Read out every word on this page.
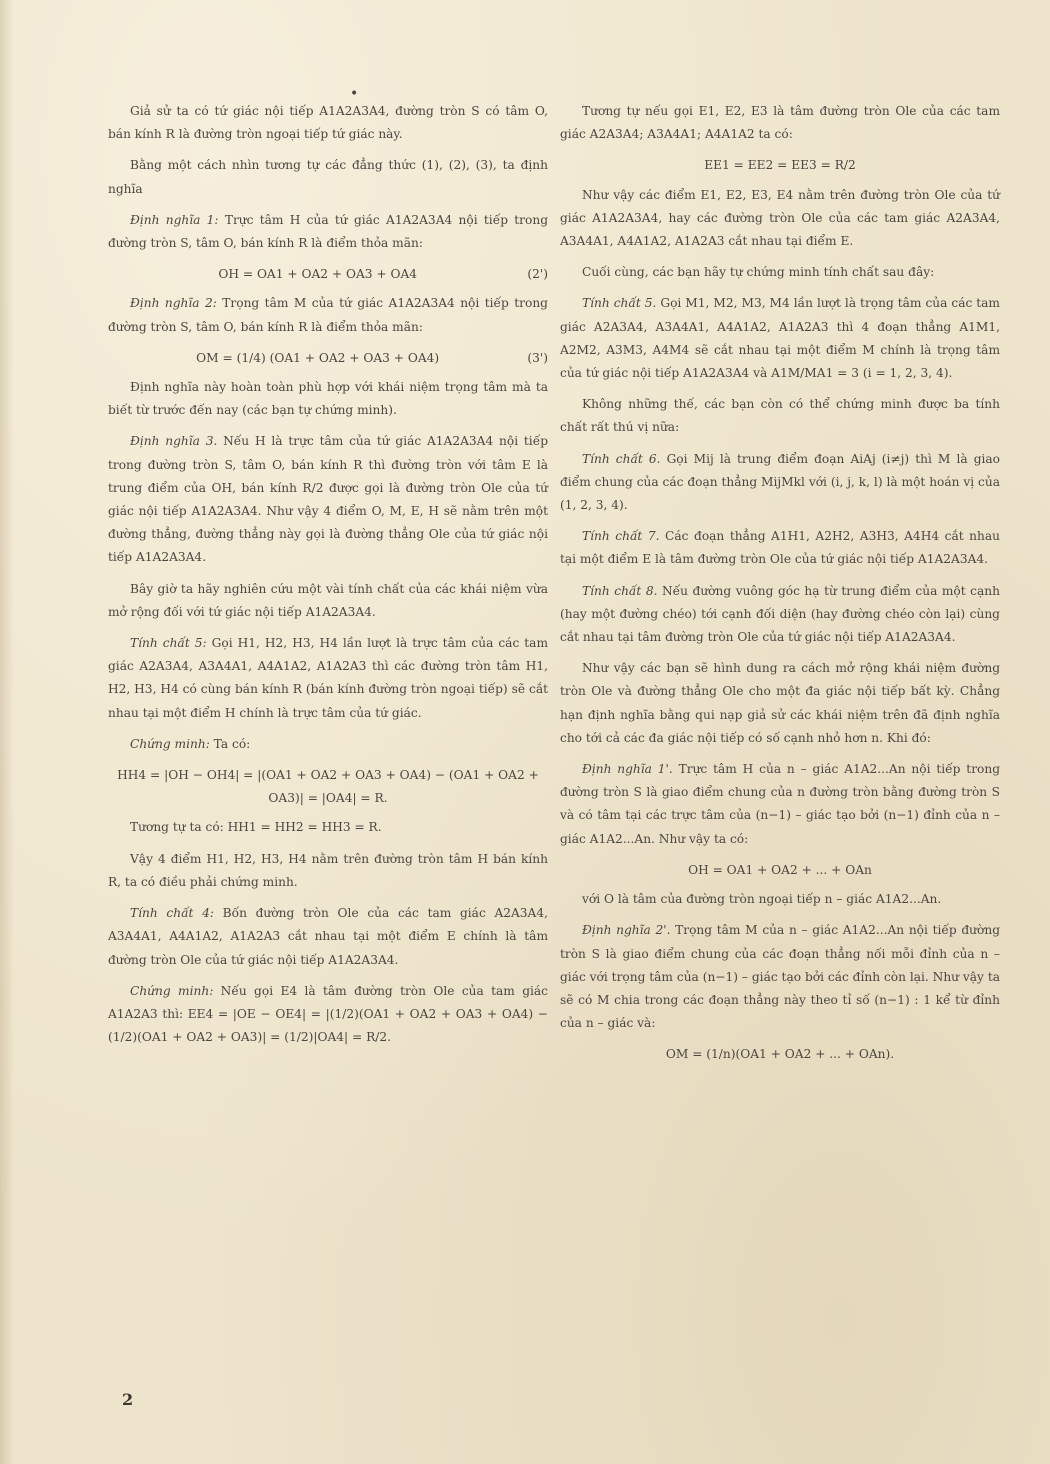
•

Giả sử ta có tứ giác nội tiếp A1A2A3A4, đường tròn S có tâm O, bán kính R là đường tròn ngoại tiếp tứ giác này.

Bằng một cách nhìn tương tự các đẳng thức (1), (2), (3), ta định nghĩa

Định nghĩa 1: Trực tâm H của tứ giác A1A2A3A4 nội tiếp trong đường tròn S, tâm O, bán kính R là điểm thỏa mãn:

OH = OA1 + OA2 + OA3 + OA4	(2')

Định nghĩa 2: Trọng tâm M của tứ giác A1A2A3A4 nội tiếp trong đường tròn S, tâm O, bán kính R là điểm thỏa mãn:

OM = (1/4) (OA1 + OA2 + OA3 + OA4)	(3')

Định nghĩa này hoàn toàn phù hợp với khái niệm trọng tâm mà ta biết từ trước đến nay (các bạn tự chứng minh).

Định nghĩa 3. Nếu H là trực tâm của tứ giác A1A2A3A4 nội tiếp trong đường tròn S, tâm O, bán kính R thì đường tròn với tâm E là trung điểm của OH, bán kính R/2 được gọi là đường tròn Ole của tứ giác nội tiếp A1A2A3A4. Như vậy 4 điểm O, M, E, H sẽ nằm trên một đường thẳng, đường thẳng này gọi là đường thẳng Ole của tứ giác nội tiếp A1A2A3A4.

Bây giờ ta hãy nghiên cứu một vài tính chất của các khái niệm vừa mở rộng đối với tứ giác nội tiếp A1A2A3A4.

Tính chất 5: Gọi H1, H2, H3, H4 lần lượt là trực tâm của các tam giác A2A3A4, A3A4A1, A4A1A2, A1A2A3 thì các đường tròn tâm H1, H2, H3, H4 có cùng bán kính R (bán kính đường tròn ngoại tiếp) sẽ cắt nhau tại một điểm H chính là trực tâm của tứ giác.

Chứng minh: Ta có:

HH4 = |OH − OH4| = |(OA1 + OA2 + OA3 + OA4) − (OA1 + OA2 + OA3)| = |OA4| = R.

Tương tự ta có: HH1 = HH2 = HH3 = R.

Vậy 4 điểm H1, H2, H3, H4 nằm trên đường tròn tâm H bán kính R, ta có điều phải chứng minh.

Tính chất 4: Bốn đường tròn Ole của các tam giác A2A3A4, A3A4A1, A4A1A2, A1A2A3 cắt nhau tại một điểm E chính là tâm đường tròn Ole của tứ giác nội tiếp A1A2A3A4.

Chứng minh: Nếu gọi E4 là tâm đường tròn Ole của tam giác A1A2A3 thì: EE4 = |OE − OE4| = |(1/2)(OA1 + OA2 + OA3 + OA4) − (1/2)(OA1 + OA2 + OA3)| = (1/2)|OA4| = R/2.

Tương tự nếu gọi E1, E2, E3 là tâm đường tròn Ole của các tam giác A2A3A4; A3A4A1; A4A1A2 ta có:

EE1 = EE2 = EE3 = R/2

Như vậy các điểm E1, E2, E3, E4 nằm trên đường tròn Ole của tứ giác A1A2A3A4, hay các đường tròn Ole của các tam giác A2A3A4, A3A4A1, A4A1A2, A1A2A3 cắt nhau tại điểm E.

Cuối cùng, các bạn hãy tự chứng minh tính chất sau đây:

Tính chất 5. Gọi M1, M2, M3, M4 lần lượt là trọng tâm của các tam giác A2A3A4, A3A4A1, A4A1A2, A1A2A3 thì 4 đoạn thẳng A1M1, A2M2, A3M3, A4M4 sẽ cắt nhau tại một điểm M chính là trọng tâm của tứ giác nội tiếp A1A2A3A4 và A1M/MA1 = 3 (i = 1, 2, 3, 4).

Không những thế, các bạn còn có thể chứng minh được ba tính chất rất thú vị nữa:

Tính chất 6. Gọi Mij là trung điểm đoạn AiAj (i≠j) thì M là giao điểm chung của các đoạn thẳng MijMkl với (i, j, k, l) là một hoán vị của (1, 2, 3, 4).

Tính chất 7. Các đoạn thẳng A1H1, A2H2, A3H3, A4H4 cắt nhau tại một điểm E là tâm đường tròn Ole của tứ giác nội tiếp A1A2A3A4.

Tính chất 8. Nếu đường vuông góc hạ từ trung điểm của một cạnh (hay một đường chéo) tới cạnh đối diện (hay đường chéo còn lại) cùng cắt nhau tại tâm đường tròn Ole của tứ giác nội tiếp A1A2A3A4.

Như vậy các bạn sẽ hình dung ra cách mở rộng khái niệm đường tròn Ole và đường thẳng Ole cho một đa giác nội tiếp bất kỳ. Chẳng hạn định nghĩa bằng qui nạp giả sử các khái niệm trên đã định nghĩa cho tới cả các đa giác nội tiếp có số cạnh nhỏ hơn n. Khi đó:

Định nghĩa 1'. Trực tâm H của n – giác A1A2...An nội tiếp trong đường tròn S là giao điểm chung của n đường tròn bằng đường tròn S và có tâm tại các trực tâm của (n−1) – giác tạo bởi (n−1) đỉnh của n – giác A1A2...An. Như vậy ta có:

OH = OA1 + OA2 + ... + OAn

với O là tâm của đường tròn ngoại tiếp n – giác A1A2...An.

Định nghĩa 2'. Trọng tâm M của n – giác A1A2...An nội tiếp đường tròn S là giao điểm chung của các đoạn thẳng nối mỗi đỉnh của n – giác với trọng tâm của (n−1) – giác tạo bởi các đỉnh còn lại. Như vậy ta sẽ có M chia trong các đoạn thẳng này theo tỉ số (n−1) : 1 kể từ đỉnh của n – giác và:

OM = (1/n)(OA1 + OA2 + ... + OAn).

2
